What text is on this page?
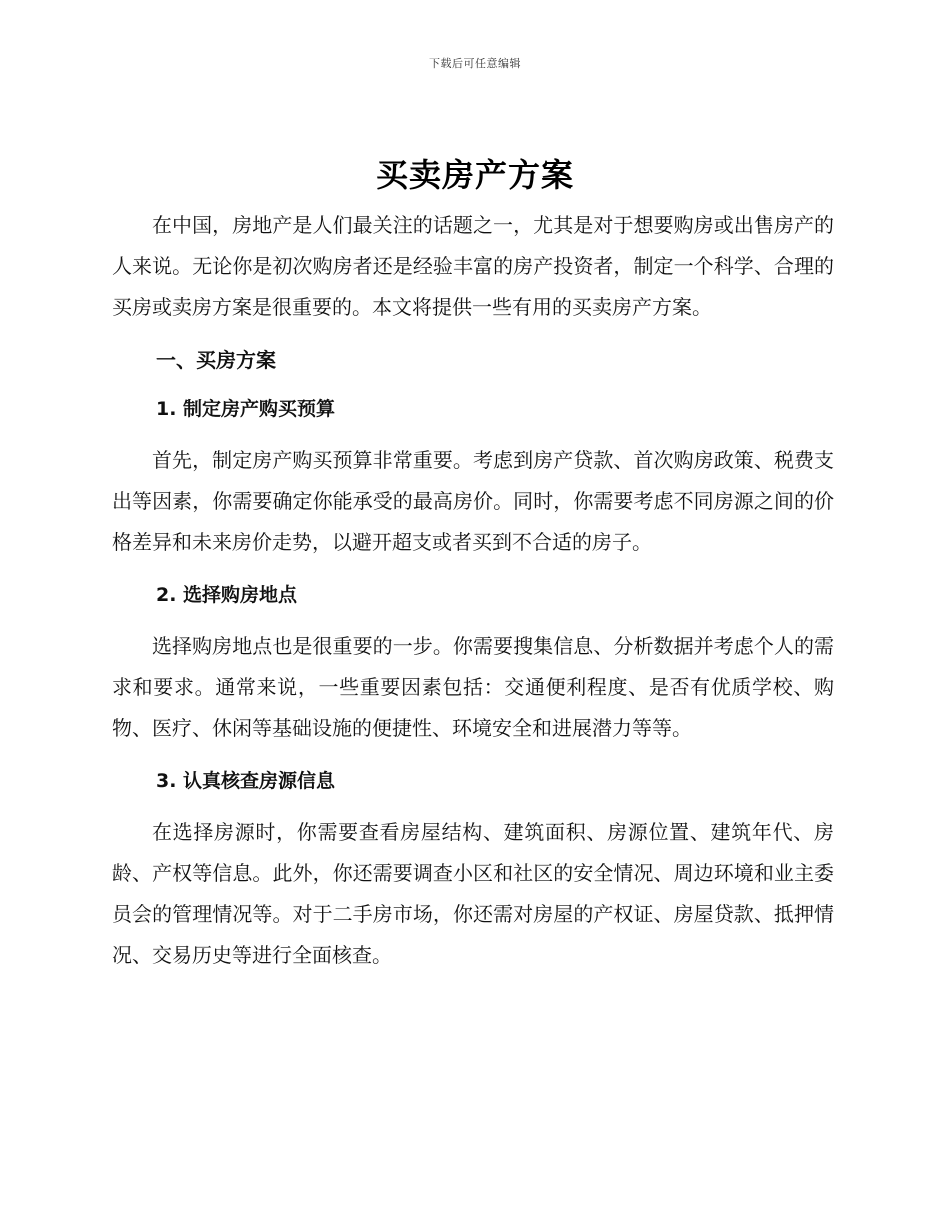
下载后可任意编辑
买卖房产方案

在中国，房地产是人们最关注的话题之一，尤其是对于想要购房或出售房产的人来说。无论你是初次购房者还是经验丰富的房产投资者，制定一个科学、合理的买房或卖房方案是很重要的。本文将提供一些有用的买卖房产方案。

一、买房方案
1. 制定房产购买预算

首先，制定房产购买预算非常重要。考虑到房产贷款、首次购房政策、税费支出等因素，你需要确定你能承受的最高房价。同时，你需要考虑不同房源之间的价格差异和未来房价走势，以避开超支或者买到不合适的房子。

2. 选择购房地点

选择购房地点也是很重要的一步。你需要搜集信息、分析数据并考虑个人的需求和要求。通常来说，一些重要因素包括：交通便利程度、是否有优质学校、购物、医疗、休闲等基础设施的便捷性、环境安全和进展潜力等等。

3. 认真核查房源信息

在选择房源时，你需要查看房屋结构、建筑面积、房源位置、建筑年代、房龄、产权等信息。此外，你还需要调查小区和社区的安全情况、周边环境和业主委员会的管理情况等。对于二手房市场，你还需对房屋的产权证、房屋贷款、抵押情况、交易历史等进行全面核查。
